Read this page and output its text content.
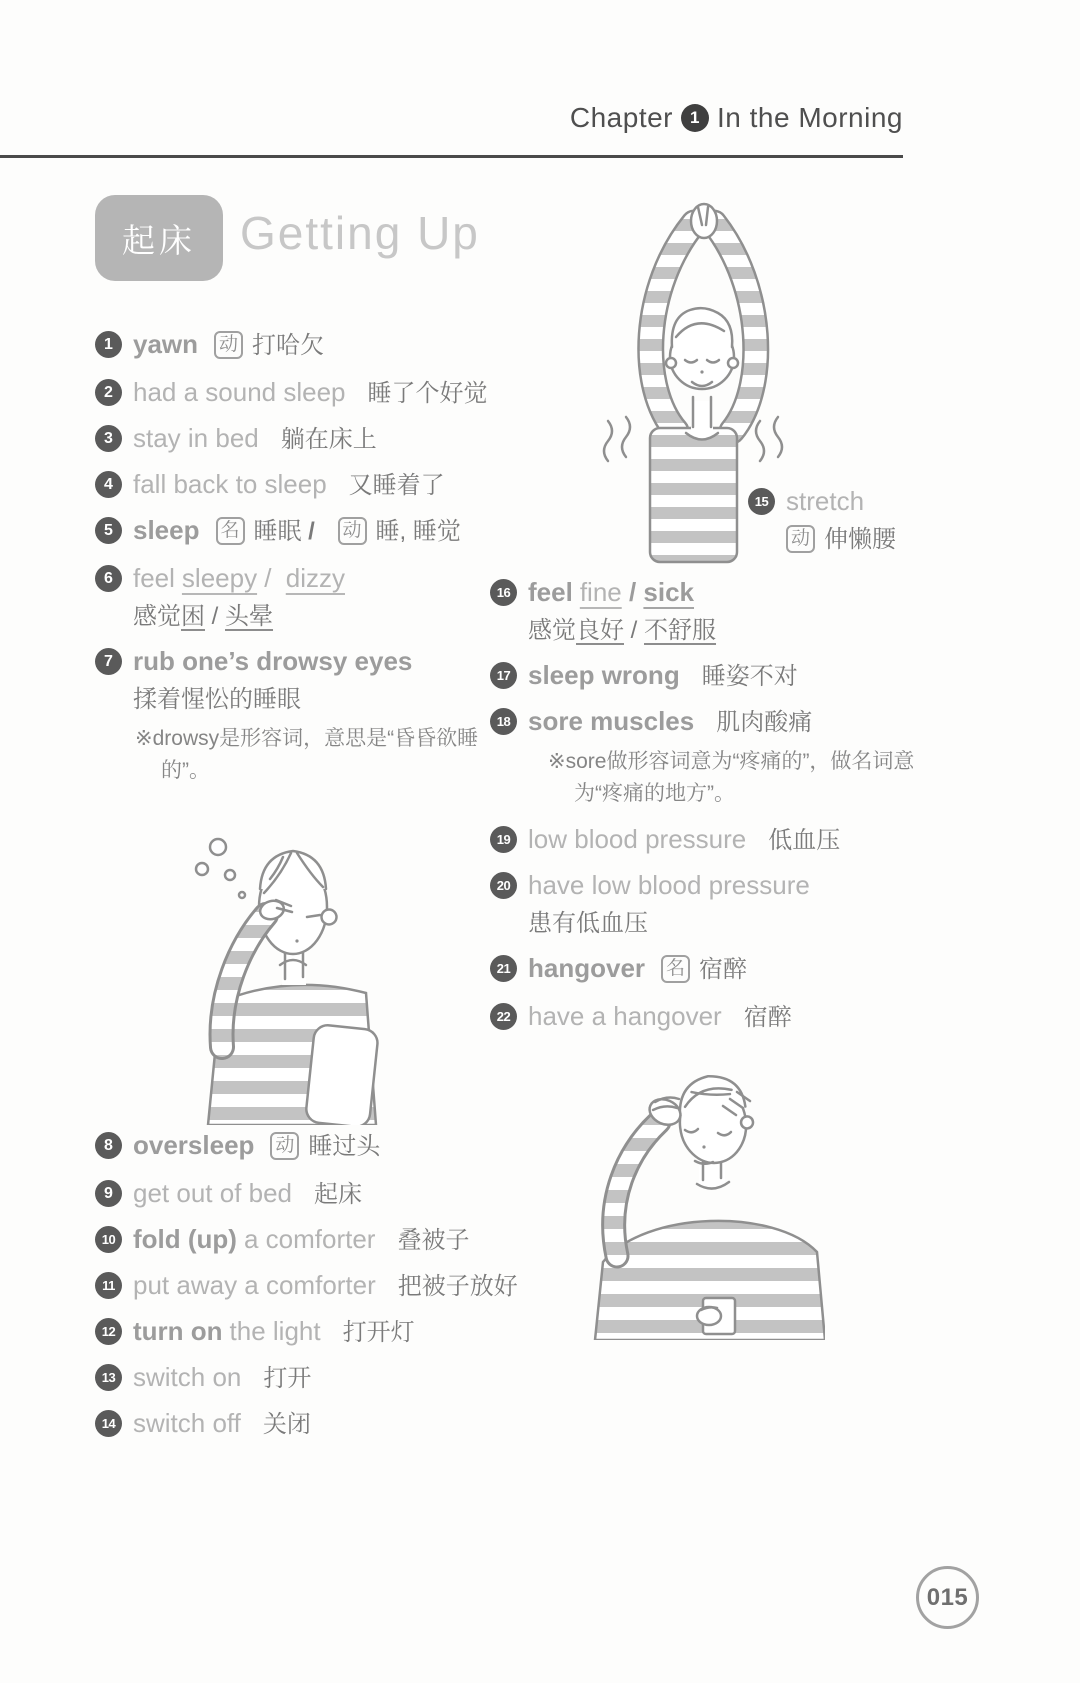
Chapter	1 In the Morning
起床 Getting Up
1 yawn 动 打哈欠
2 had a sound sleep 睡了个好觉
3 stay in bed 躺在床上
4 fall back to sleep 又睡着了
5 sleep 名 睡眠 / 动 睡, 睡觉
6 feel sleepy / dizzy
感觉困 / 头晕
7 rub one’s drowsy eyes
揉着惺忪的睡眼
※drowsy是形容词，意思是“昏昏欲睡的”。
8 oversleep 动 睡过头
9 get out of bed 起床
10 fold (up) a comforter 叠被子
11 put away a comforter 把被子放好
12 turn on the light 打开灯
13 switch on 打开
14 switch off 关闭
15 stretch
动 伸懒腰
16 feel fine / sick
感觉良好 / 不舒服
17 sleep wrong 睡姿不对
18 sore muscles 肌肉酸痛
※sore做形容词意为“疼痛的”，做名词意为“疼痛的地方”。
19 low blood pressure 低血压
20 have low blood pressure
患有低血压
21 hangover 名 宿醉
22 have a hangover 宿醉
015
